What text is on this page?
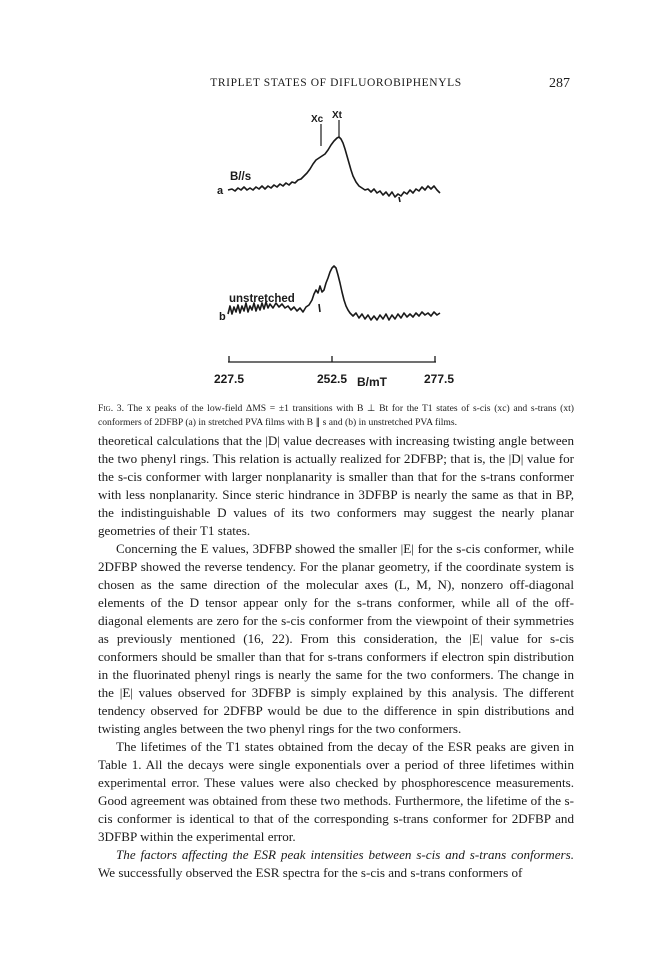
TRIPLET STATES OF DIFLUOROBIPHENYLS	287
Xc Xt
a
B//s
b
unstretched
227.5	252.5	277.5
B/mT
Fig. 3. The x peaks of the low-field ΔMS = ±1 transitions with B ⊥ Bt for the T1 states of s-cis (xc) and s-trans (xt) conformers of 2DFBP (a) in stretched PVA films with B ∥ s and (b) in unstretched PVA films.

theoretical calculations that the |D| value decreases with increasing twisting angle between the two phenyl rings. This relation is actually realized for 2DFBP; that is, the |D| value for the s-cis conformer with larger nonplanarity is smaller than that for the s-trans conformer with less nonplanarity. Since steric hindrance in 3DFBP is nearly the same as that in BP, the indistinguishable D values of its two conformers may suggest the nearly planar geometries of their T1 states.

Concerning the E values, 3DFBP showed the smaller |E| for the s-cis conformer, while 2DFBP showed the reverse tendency. For the planar geometry, if the coordinate system is chosen as the same direction of the molecular axes (L, M, N), nonzero off-diagonal elements of the D tensor appear only for the s-trans conformer, while all of the off-diagonal elements are zero for the s-cis conformer from the viewpoint of their symmetries as previously mentioned (16, 22). From this consideration, the |E| value for s-cis conformers should be smaller than that for s-trans conformers if electron spin distribution in the fluorinated phenyl rings is nearly the same for the two conformers. The change in the |E| values observed for 3DFBP is simply explained by this analysis. The different tendency observed for 2DFBP would be due to the difference in spin distributions and twisting angles between the two phenyl rings for the two conformers.

The lifetimes of the T1 states obtained from the decay of the ESR peaks are given in Table 1. All the decays were single exponentials over a period of three lifetimes within experimental error. These values were also checked by phosphorescence measurements. Good agreement was obtained from these two methods. Furthermore, the lifetime of the s-cis conformer is identical to that of the corresponding s-trans conformer for 2DFBP and 3DFBP within the experimental error.

The factors affecting the ESR peak intensities between s-cis and s-trans conformers. We successfully observed the ESR spectra for the s-cis and s-trans conformers of
